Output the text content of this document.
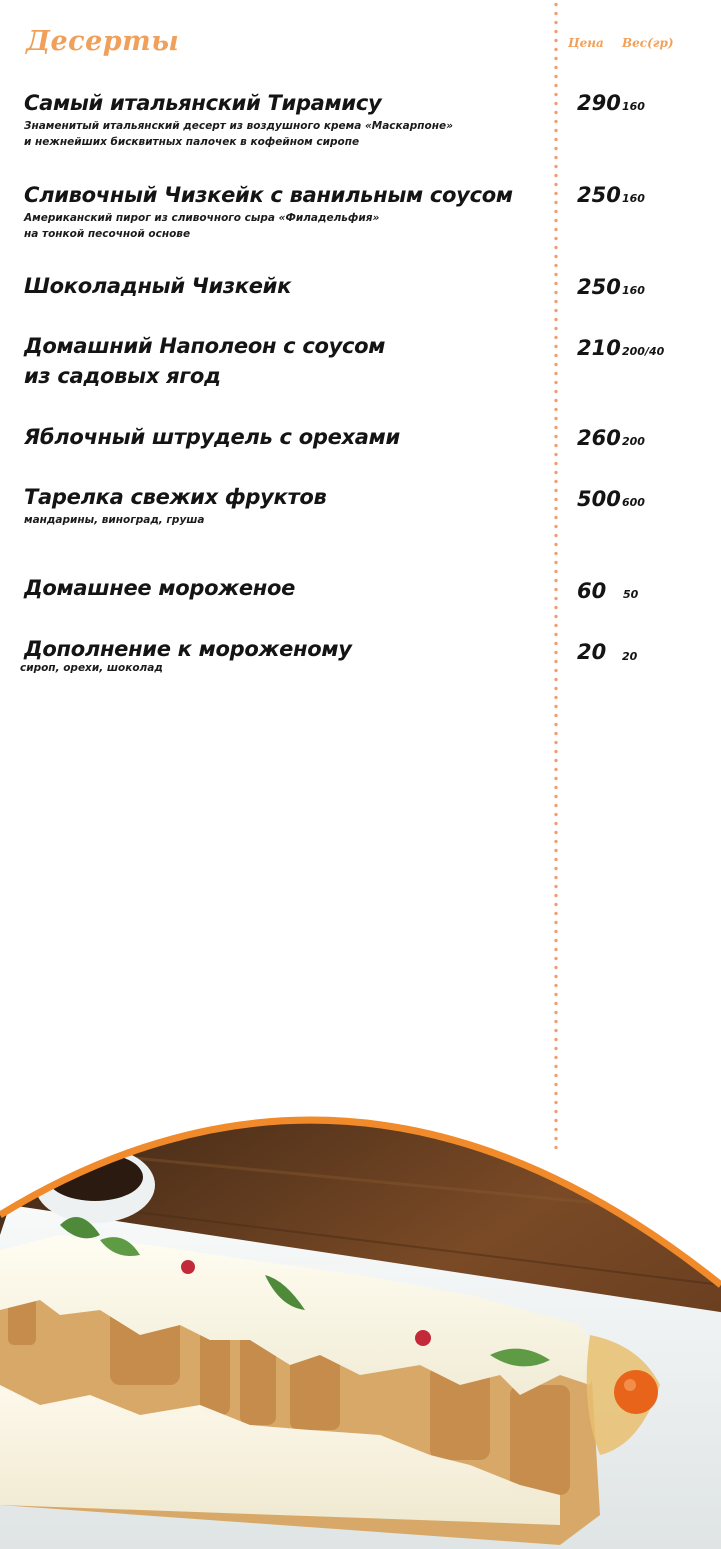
Десерты	Цена Вес(гр)
Самый итальянский Тирамису
Знаменитый итальянский десерт из воздушного крема «Маскарпоне»
и нежнейших бисквитных палочек в кофейном сиропе
290 160
Сливочный Чизкейк с ванильным соусом
Американский пирог из сливочного сыра «Филадельфия»
на тонкой песочной основе
250 160
Шоколадный Чизкейк	250 160
Домашний Наполеон с соусом
из садовых ягод
210 200/40
Яблочный штрудель с орехами	260 200
Тарелка свежих фруктов
мандарины, виноград, груша
500 600
Домашнее мороженое	60 50
Дополнение к мороженому
сироп, орехи, шоколад
20 20
